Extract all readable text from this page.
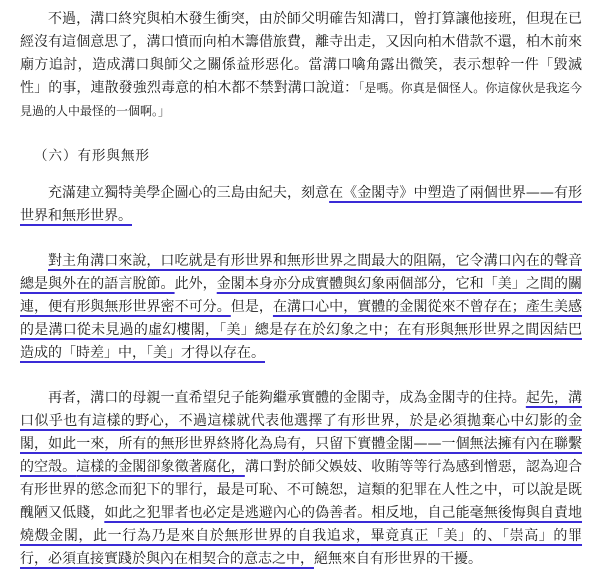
不過，溝口終究與柏木發生衝突，由於師父明確告知溝口，曾打算讓他接班，但現在已經沒有這個意思了，溝口憤而向柏木籌借旅費，離寺出走，又因向柏木借款不還，柏木前來廟方追討，造成溝口與師父之關係益形惡化。當溝口噙角露出微笑，表示想幹一件「毀滅性」的事，連散發強烈毒意的柏木都不禁對溝口說道：「是嗎。你真是個怪人。你這傢伙是我迄今見過的人中最怪的一個啊。」

（六）有形與無形

充滿建立獨特美學企圖心的三島由紀夫，刻意在《金閣寺》中塑造了兩個世界——有形世界和無形世界。

對主角溝口來說，口吃就是有形世界和無形世界之間最大的阻隔，它令溝口內在的聲音總是與外在的語言脫節。此外，金閣本身亦分成實體與幻象兩個部分，它和「美」之間的關連，便有形與無形世界密不可分。但是，在溝口心中，實體的金閣從來不曾存在；產生美感的是溝口從未見過的虛幻樓閣，「美」總是存在於幻象之中；在有形與無形世界之間因結巴造成的「時差」中，「美」才得以存在。

再者，溝口的母親一直希望兒子能夠繼承實體的金閣寺，成為金閣寺的住持。起先，溝口似乎也有這樣的野心，不過這樣就代表他選擇了有形世界，於是必須拋棄心中幻影的金閣，如此一來，所有的無形世界終將化為烏有，只留下實體金閣——一個無法擁有內在聯繫的空殼。這樣的金閣卻象徵著腐化，溝口對於師父娛妓、收賄等等行為感到憎惡，認為迎合有形世界的慾念而犯下的罪行，最是可恥、不可饒恕，這類的犯罪在人性之中，可以說是既醜陋又低賤，如此之犯罪者也必定是逃避內心的偽善者。相反地，自己能毫無後悔與自責地燒燬金閣，此一行為乃是來自於無形世界的自我追求，畢竟真正「美」的、「崇高」的罪行，必須直接實踐於與內在相契合的意志之中，絕無來自有形世界的干擾。
